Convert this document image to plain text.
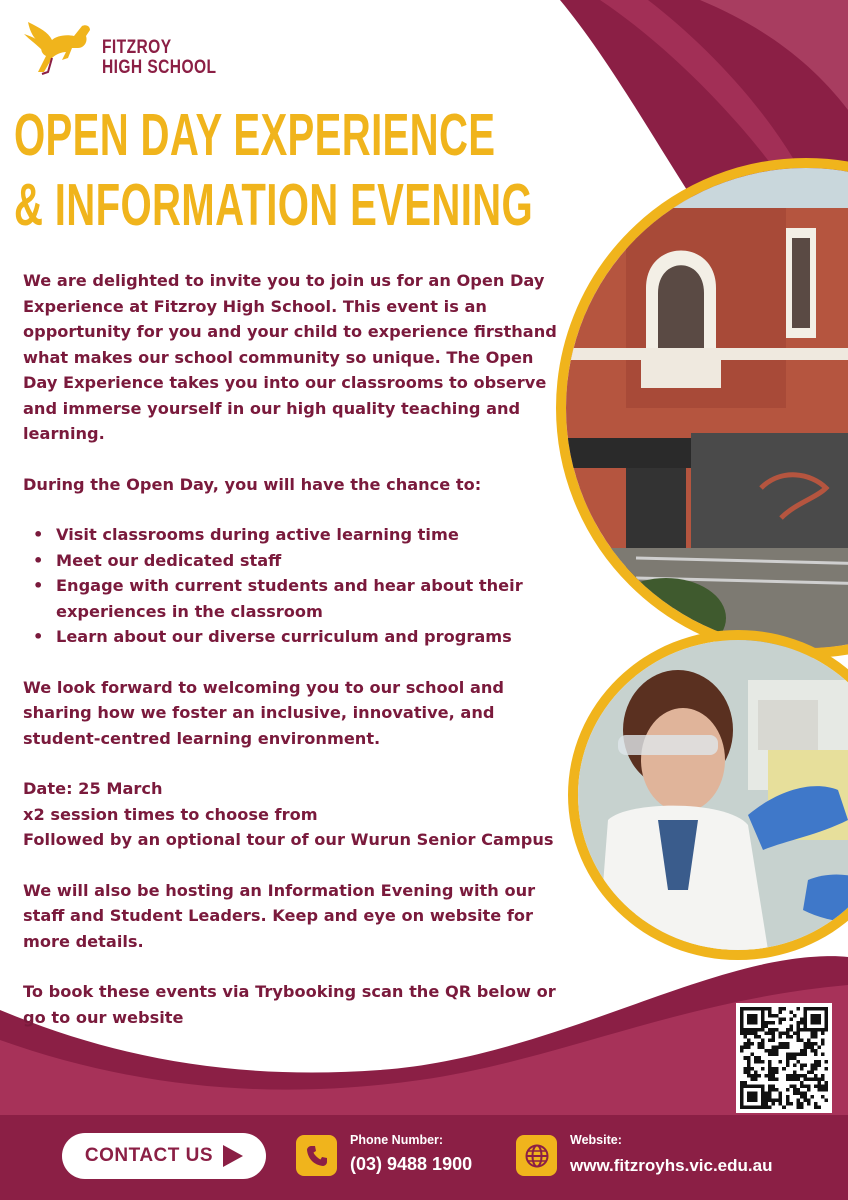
FITZROY
HIGH SCHOOL
OPEN DAY EXPERIENCE
& INFORMATION EVENING

We are delighted to invite you to join us for an Open Day Experience at Fitzroy High School. This event is an opportunity for you and your child to experience firsthand what makes our school community so unique. The Open Day Experience takes you into our classrooms to observe and immerse yourself in our high quality teaching and learning.

During the Open Day, you will have the chance to:

• Visit classrooms during active learning time
• Meet our dedicated staff
• Engage with current students and hear about their experiences in the classroom
• Learn about our diverse curriculum and programs

We look forward to welcoming you to our school and sharing how we foster an inclusive, innovative, and student-centred learning environment.

Date: 25 March

x2 session times to choose from

Followed by an optional tour of our Wurun Senior Campus

We will also be hosting an Information Evening with our staff and Student Leaders. Keep and eye on website for more details.

To book these events via Trybooking scan the QR below or go to our website

CONTACT US
Phone Number:
(03) 9488 1900
Website:
www.fitzroyhs.vic.edu.au
